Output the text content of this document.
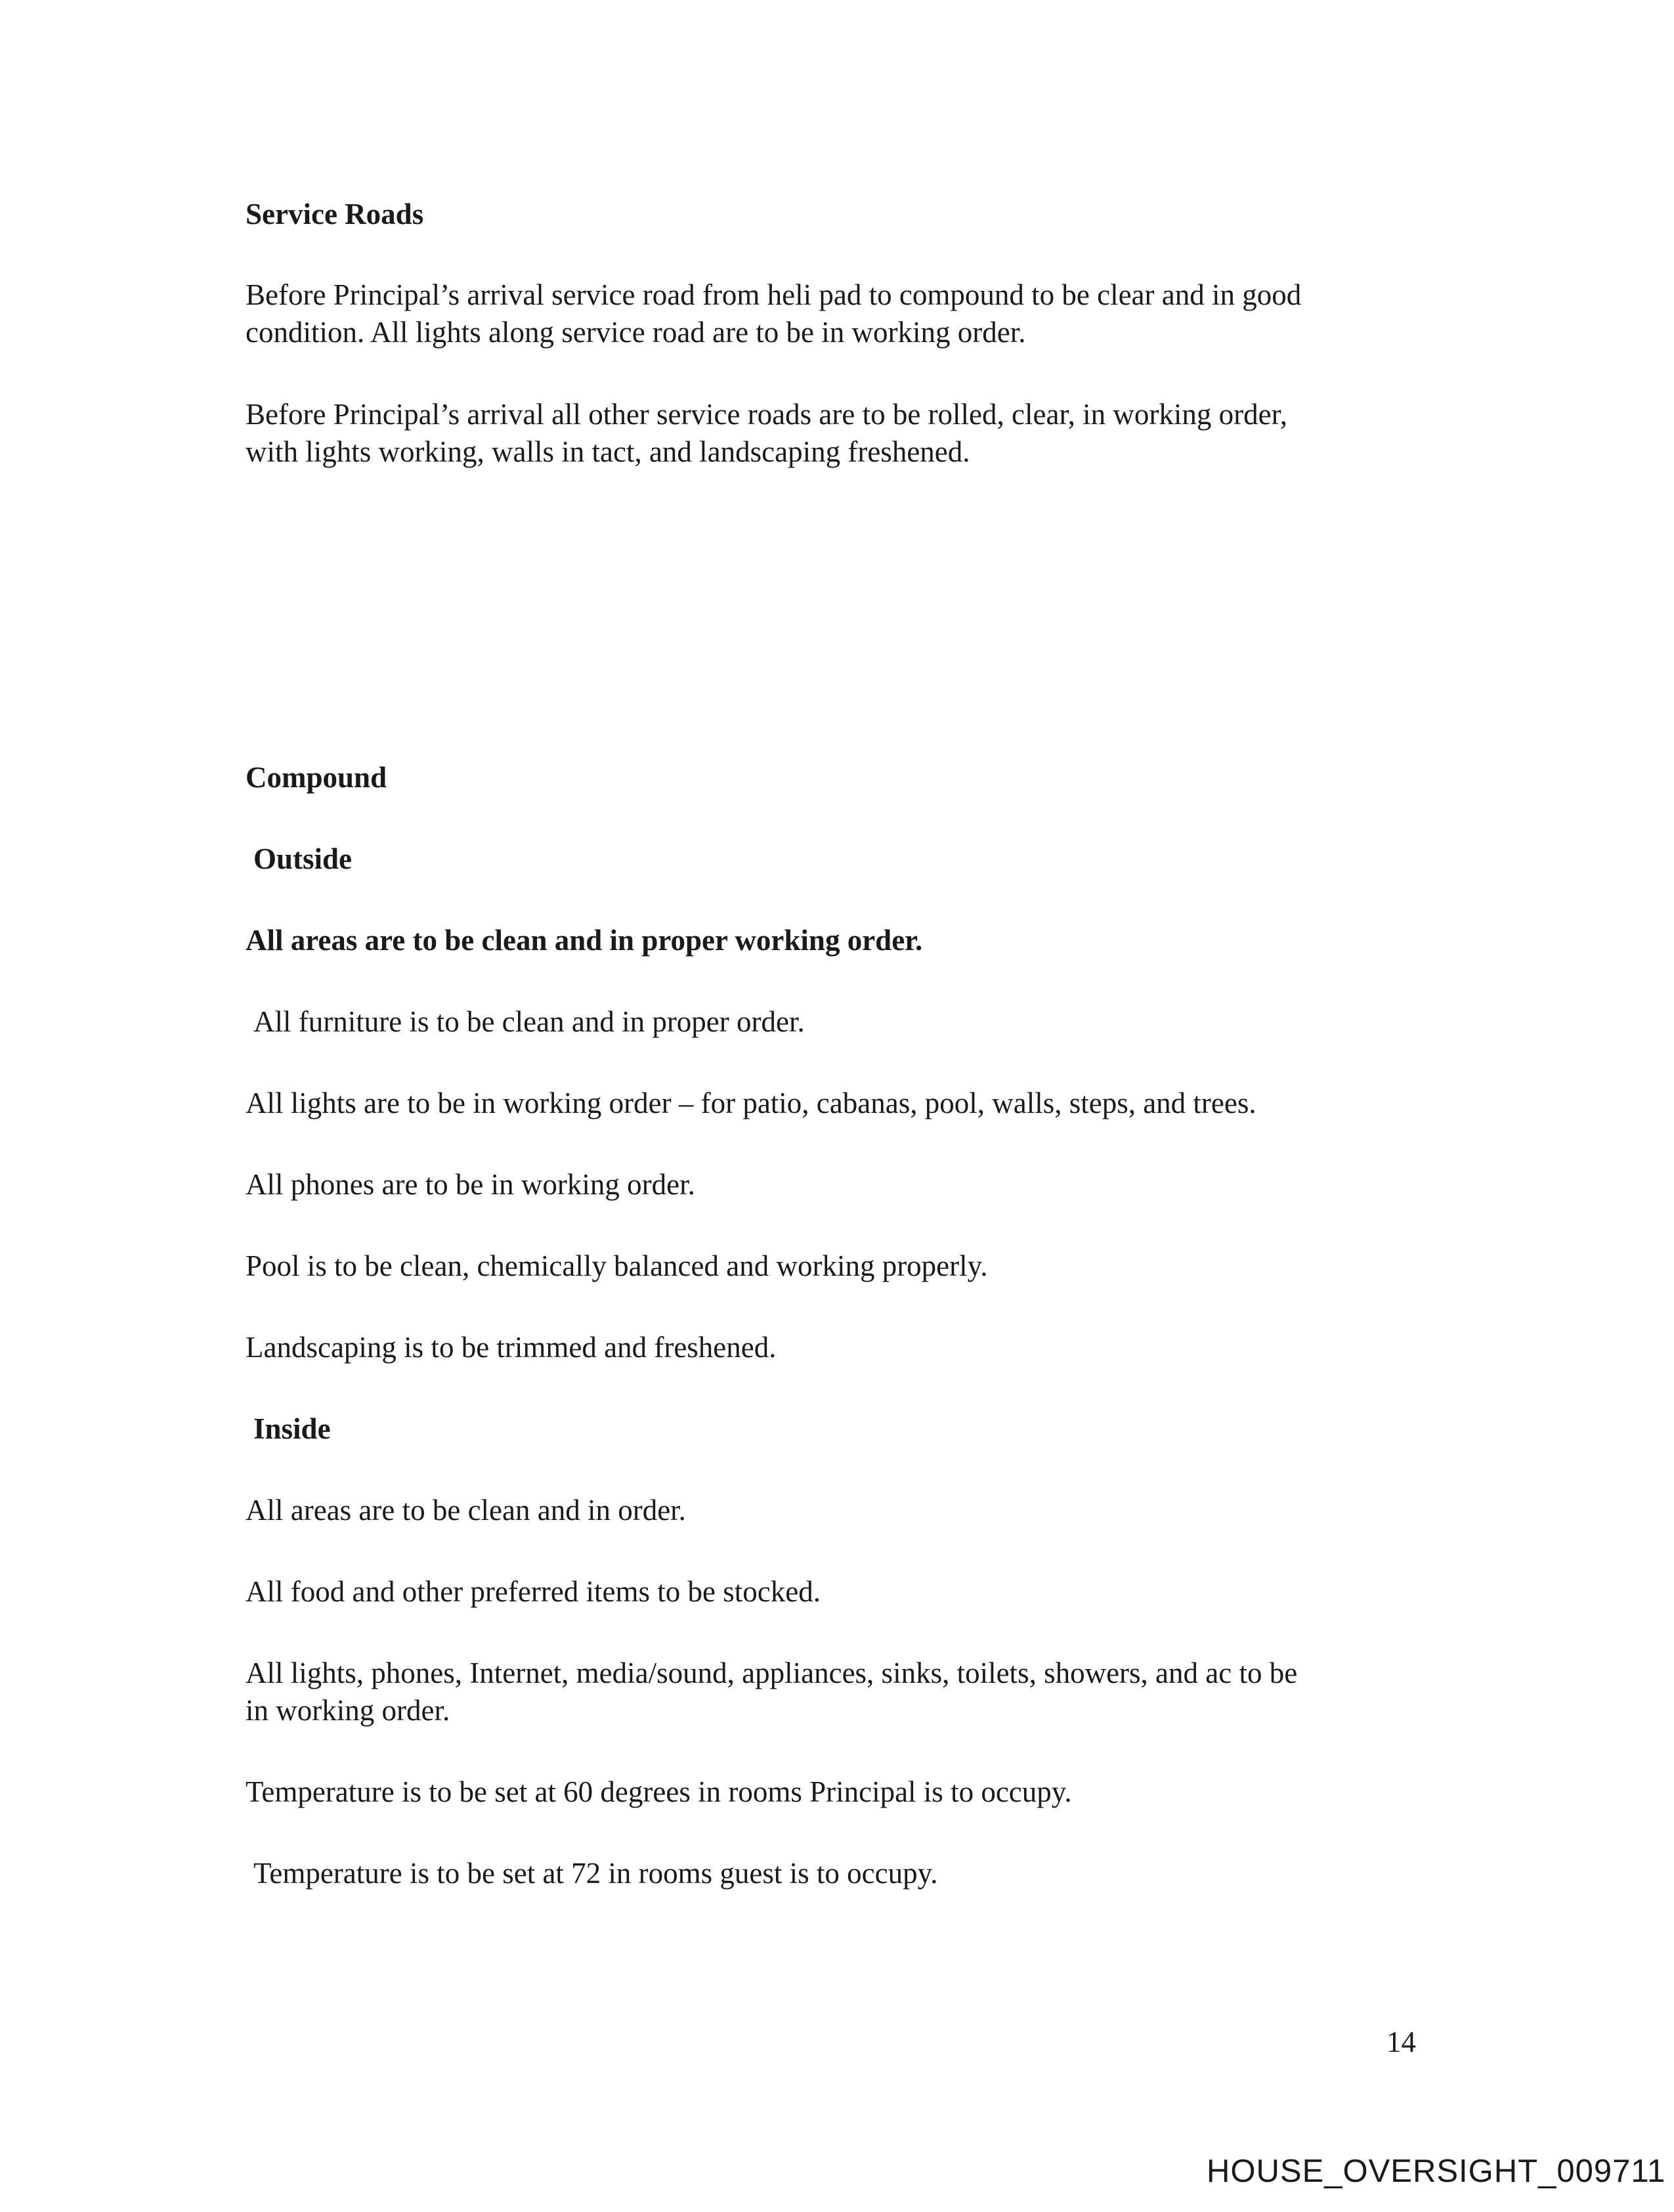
Service Roads
Before Principal’s arrival service road from heli pad to compound to be clear and in good
condition. All lights along service road are to be in working order.
Before Principal’s arrival all other service roads are to be rolled, clear, in working order,
with lights working, walls in tact, and landscaping freshened.
Compound
Outside
All areas are to be clean and in proper working order.
All furniture is to be clean and in proper order.
All lights are to be in working order – for patio, cabanas, pool, walls, steps, and trees.
All phones are to be in working order.
Pool is to be clean, chemically balanced and working properly.
Landscaping is to be trimmed and freshened.
Inside
All areas are to be clean and in order.
All food and other preferred items to be stocked.
All lights, phones, Internet, media/sound, appliances, sinks, toilets, showers, and ac to be
in working order.
Temperature is to be set at 60 degrees in rooms Principal is to occupy.
Temperature is to be set at 72 in rooms guest is to occupy.
14
HOUSE_OVERSIGHT_009711
